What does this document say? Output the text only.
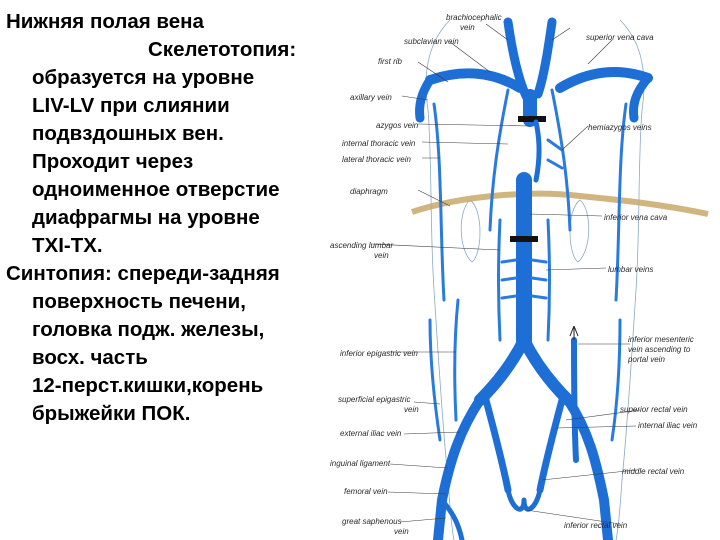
Нижняя полая вена

Скелетотопия:

образуется на уровне

LIV-LV при слиянии

подвздошных вен.

Проходит через

одноименное отверстие

диафрагмы на уровне

TXI-TX.

Синтопия: спереди-задняя

поверхность печени,

головка подж. железы,

восх. часть

12-перст.кишки,корень

брыжейки ПОК.

brachiocephalic
vein
subclavian vein	superior vena cava
first rib
axillary vein
azygos vein	hemiazygos veins
internal thoracic vein
lateral thoracic vein
diaphragm
inferior vena cava
ascending lumbar
vein
lumbar veins
inferior epigastric vein
inferior mesenteric
vein ascending to
portal vein
superficial epigastric
vein	superior rectal vein
internal iliac vein
external iliac vein
inguinal ligament
middle rectal vein
femoral vein
great saphenous
vein
inferior rectal vein
